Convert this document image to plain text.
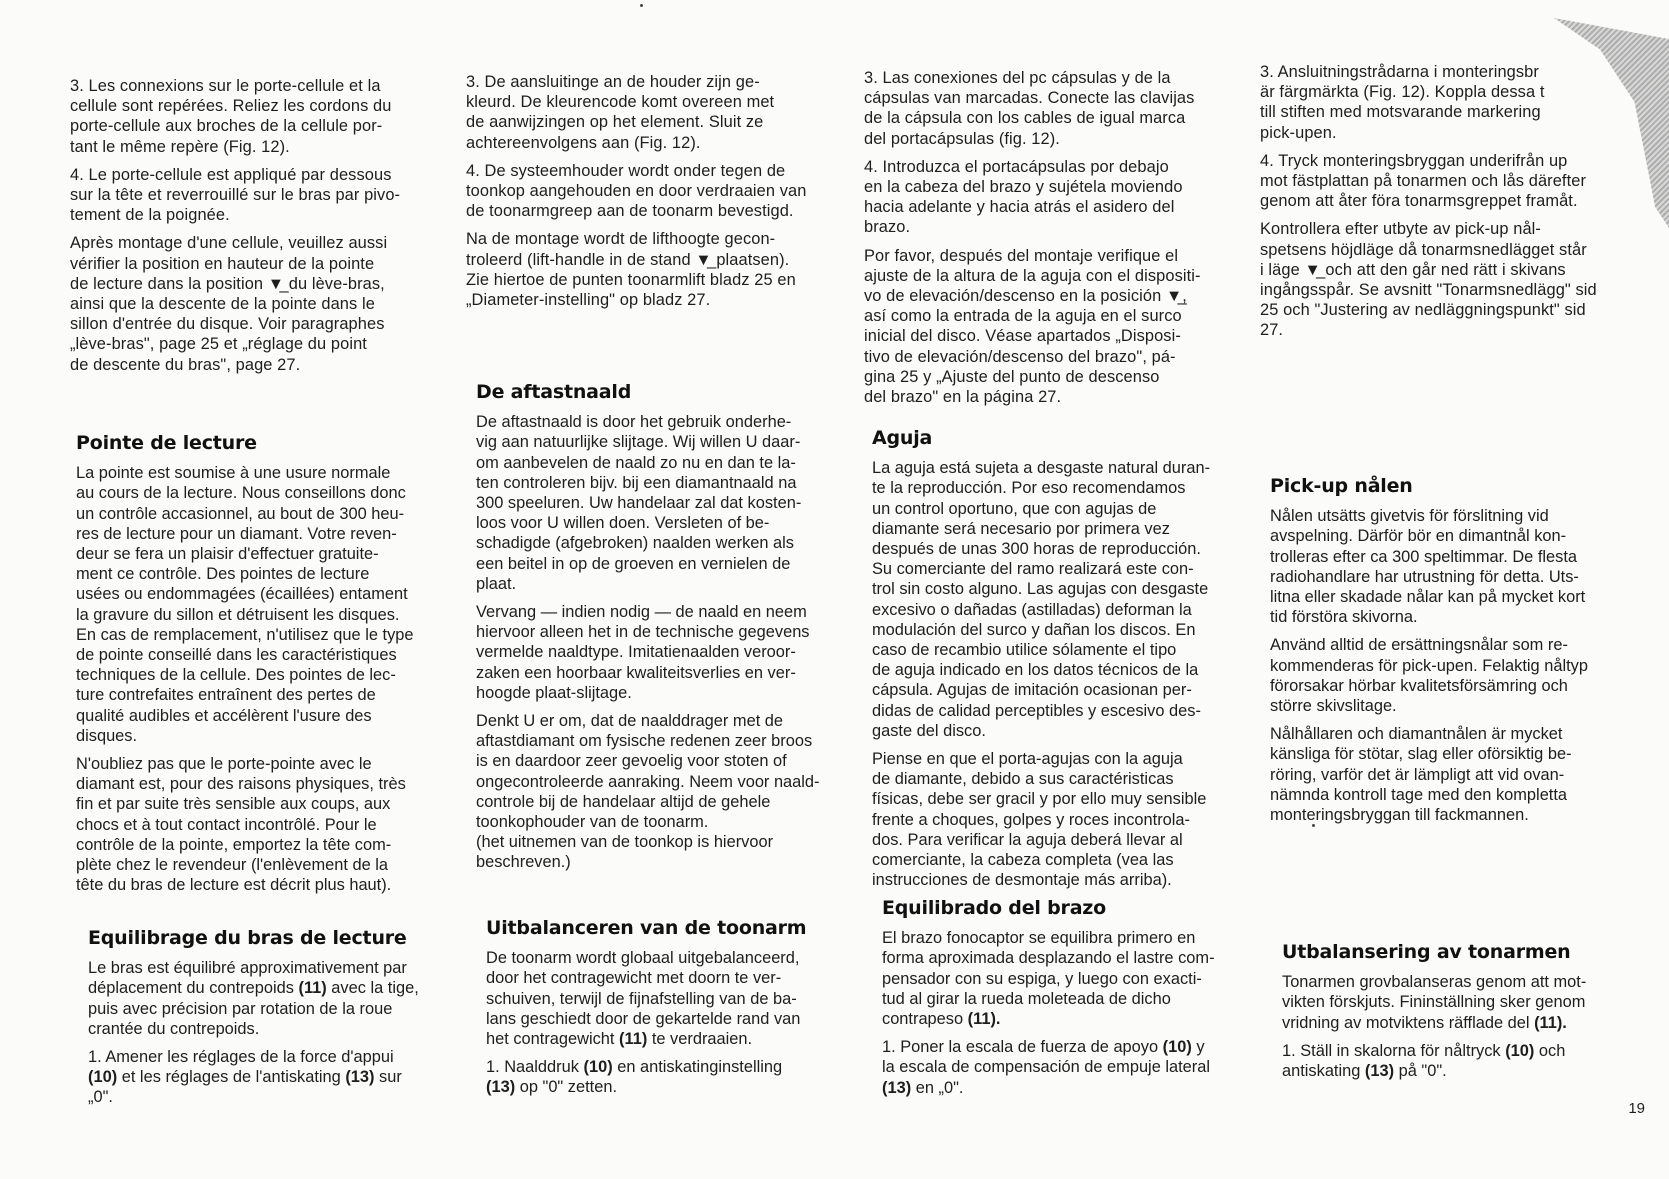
3. Les connexions sur le porte-cellule et la
cellule sont repérées. Reliez les cordons du
porte-cellule aux broches de la cellule por-
tant le même repère (Fig. 12).

4. Le porte-cellule est appliqué par dessous
sur la tête et reverrouillé sur le bras par pivo-
tement de la poignée.

Après montage d'une cellule, veuillez aussi
vérifier la position en hauteur de la pointe
de lecture dans la position ▼̲ du lève-bras,
ainsi que la descente de la pointe dans le
sillon d'entrée du disque. Voir paragraphes
„lève-bras", page 25 et „réglage du point
de descente du bras", page 27.

Pointe de lecture

La pointe est soumise à une usure normale
au cours de la lecture. Nous conseillons donc
un contrôle accasionnel, au bout de 300 heu-
res de lecture pour un diamant. Votre reven-
deur se fera un plaisir d'effectuer gratuite-
ment ce contrôle. Des pointes de lecture
usées ou endommagées (écaillées) entament
la gravure du sillon et détruisent les disques.
En cas de remplacement, n'utilisez que le type
de pointe conseillé dans les caractéristiques
techniques de la cellule. Des pointes de lec-
ture contrefaites entraînent des pertes de
qualité audibles et accélèrent l'usure des
disques.

N'oubliez pas que le porte-pointe avec le
diamant est, pour des raisons physiques, très
fin et par suite très sensible aux coups, aux
chocs et à tout contact incontrôlé. Pour le
contrôle de la pointe, emportez la tête com-
plète chez le revendeur (l'enlèvement de la
tête du bras de lecture est décrit plus haut).

Equilibrage du bras de lecture

Le bras est équilibré approximativement par
déplacement du contrepoids (11) avec la tige,
puis avec précision par rotation de la roue
crantée du contrepoids.

1. Amener les réglages de la force d'appui
(10) et les réglages de l'antiskating (13) sur
„0".

3. De aansluitinge an de houder zijn ge-
kleurd. De kleurencode komt overeen met
de aanwijzingen op het element. Sluit ze
achtereenvolgens aan (Fig. 12).

4. De systeemhouder wordt onder tegen de
toonkop aangehouden en door verdraaien van
de toonarmgreep aan de toonarm bevestigd.

Na de montage wordt de lifthoogte gecon-
troleerd (lift-handle in de stand ▼̲ plaatsen).
Zie hiertoe de punten toonarmlift bladz 25 en
„Diameter-instelling" op bladz 27.

De aftastnaald

De aftastnaald is door het gebruik onderhe-
vig aan natuurlijke slijtage. Wij willen U daar-
om aanbevelen de naald zo nu en dan te la-
ten controleren bijv. bij een diamantnaald na
300 speeluren. Uw handelaar zal dat kosten-
loos voor U willen doen. Versleten of be-
schadigde (afgebroken) naalden werken als
een beitel in op de groeven en vernielen de
plaat.

Vervang — indien nodig — de naald en neem
hiervoor alleen het in de technische gegevens
vermelde naaldtype. Imitatienaalden veroor-
zaken een hoorbaar kwaliteitsverlies en ver-
hoogde plaat-slijtage.

Denkt U er om, dat de naalddrager met de
aftastdiamant om fysische redenen zeer broos
is en daardoor zeer gevoelig voor stoten of
ongecontroleerde aanraking. Neem voor naald-
controle bij de handelaar altijd de gehele
toonkophouder van de toonarm.
(het uitnemen van de toonkop is hiervoor
beschreven.)

Uitbalanceren van de toonarm

De toonarm wordt globaal uitgebalanceerd,
door het contragewicht met doorn te ver-
schuiven, terwijl de fijnafstelling van de ba-
lans geschiedt door de gekartelde rand van
het contragewicht (11) te verdraaien.

1. Naalddruk (10) en antiskatinginstelling
(13) op "0" zetten.

3. Las conexiones del pc cápsulas y de la
cápsulas van marcadas. Conecte las clavijas
de la cápsula con los cables de igual marca
del portacápsulas (fig. 12).

4. Introduzca el portacápsulas por debajo
en la cabeza del brazo y sujételа moviendo
hacia adelante y hacia atrás el asidero del
brazo.

Por favor, después del montaje verifique el
ajuste de la altura de la aguja con el dispositi-
vo de elevación/descenso en la posición ▼̲,
así como la entrada de la aguja en el surco
inicial del disco. Véase apartados „Disposi-
tivo de elevación/descenso del brazo", pá-
gina 25 y „Ajuste del punto de descenso
del brazo" en la página 27.

Aguja

La aguja está sujeta a desgaste natural duran-
te la reproducción. Por eso recomendamos
un control oportuno, que con agujas de
diamante será necesario por primera vez
después de unas 300 horas de reproducción.
Su comerciante del ramo realizará este con-
trol sin costo alguno. Las agujas con desgaste
excesivo o dañadas (astilladas) deforman la
modulación del surco y dañan los discos. En
caso de recambio utilice sólamente el tipo
de aguja indicado en los datos técnicos de la
cápsula. Agujas de imitación ocasionan per-
didas de calidad perceptibles y escesivo des-
gaste del disco.

Piense en que el porta-agujas con la aguja
de diamante, debido a sus caractéristicas
físicas, debe ser gracil y por ello muy sensible
frente a choques, golpes y roces incontrola-
dos. Para verificar la aguja deberá llevar al
comerciante, la cabeza completa (vea las
instrucciones de desmontaje más arriba).

Equilibrado del brazo

El brazo fonocaptor se equilibra primero en
forma aproximada desplazando el lastre com-
pensador con su espiga, y luego con exacti-
tud al girar la rueda moleteada de dicho
contrapeso (11).

1. Poner la escala de fuerza de apoyo (10) y
la escala de compensación de empuje lateral
(13) en „0".

3. Ansluitningstrådarna i monteringsbr
är färgmärkta (Fig. 12). Koppla dessa t
till stiften med motsvarande markering
pick-upen.

4. Tryck monteringsbryggan underifrån up
mot fästplattan på tonarmen och lås därefter
genom att åter föra tonarmsgreppet framåt.

Kontrollera efter utbyte av pick-up nål-
spetsens höjdläge då tonarmsnedlägget står
i läge ▼̲ och att den går ned rätt i skivans
ingångsspår. Se avsnitt "Tonarmsnedlägg" sid
25 och "Justering av nedläggningspunkt" sid
27.

Pick-up nålen

Nålen utsätts givetvis för förslitning vid
avspelning. Därför bör en dimantnål kon-
trolleras efter ca 300 speltimmar. De flesta
radiohandlare har utrustning för detta. Uts-
litna eller skadade nålar kan på mycket kort
tid förstöra skivorna.

Använd alltid de ersättningsnålar som re-
kommenderas för pick-upen. Felaktig nåltyp
förorsakar hörbar kvalitetsförsämring och
större skivslitage.

Nålhållaren och diamantnålen är mycket
känsliga för stötar, slag eller oförsiktig be-
röring, varför det är lämpligt att vid ovan-
nämnda kontroll tage med den kompletta
monteringsbryggan till fackmannen.

Utbalansering av tonarmen

Tonarmen grovbalanseras genom att mot-
vikten förskjuts. Fininställning sker genom
vridning av motviktens räfflade del (11).

1. Ställ in skalorna för nåltryck (10) och
antiskating (13) på "0".

19
